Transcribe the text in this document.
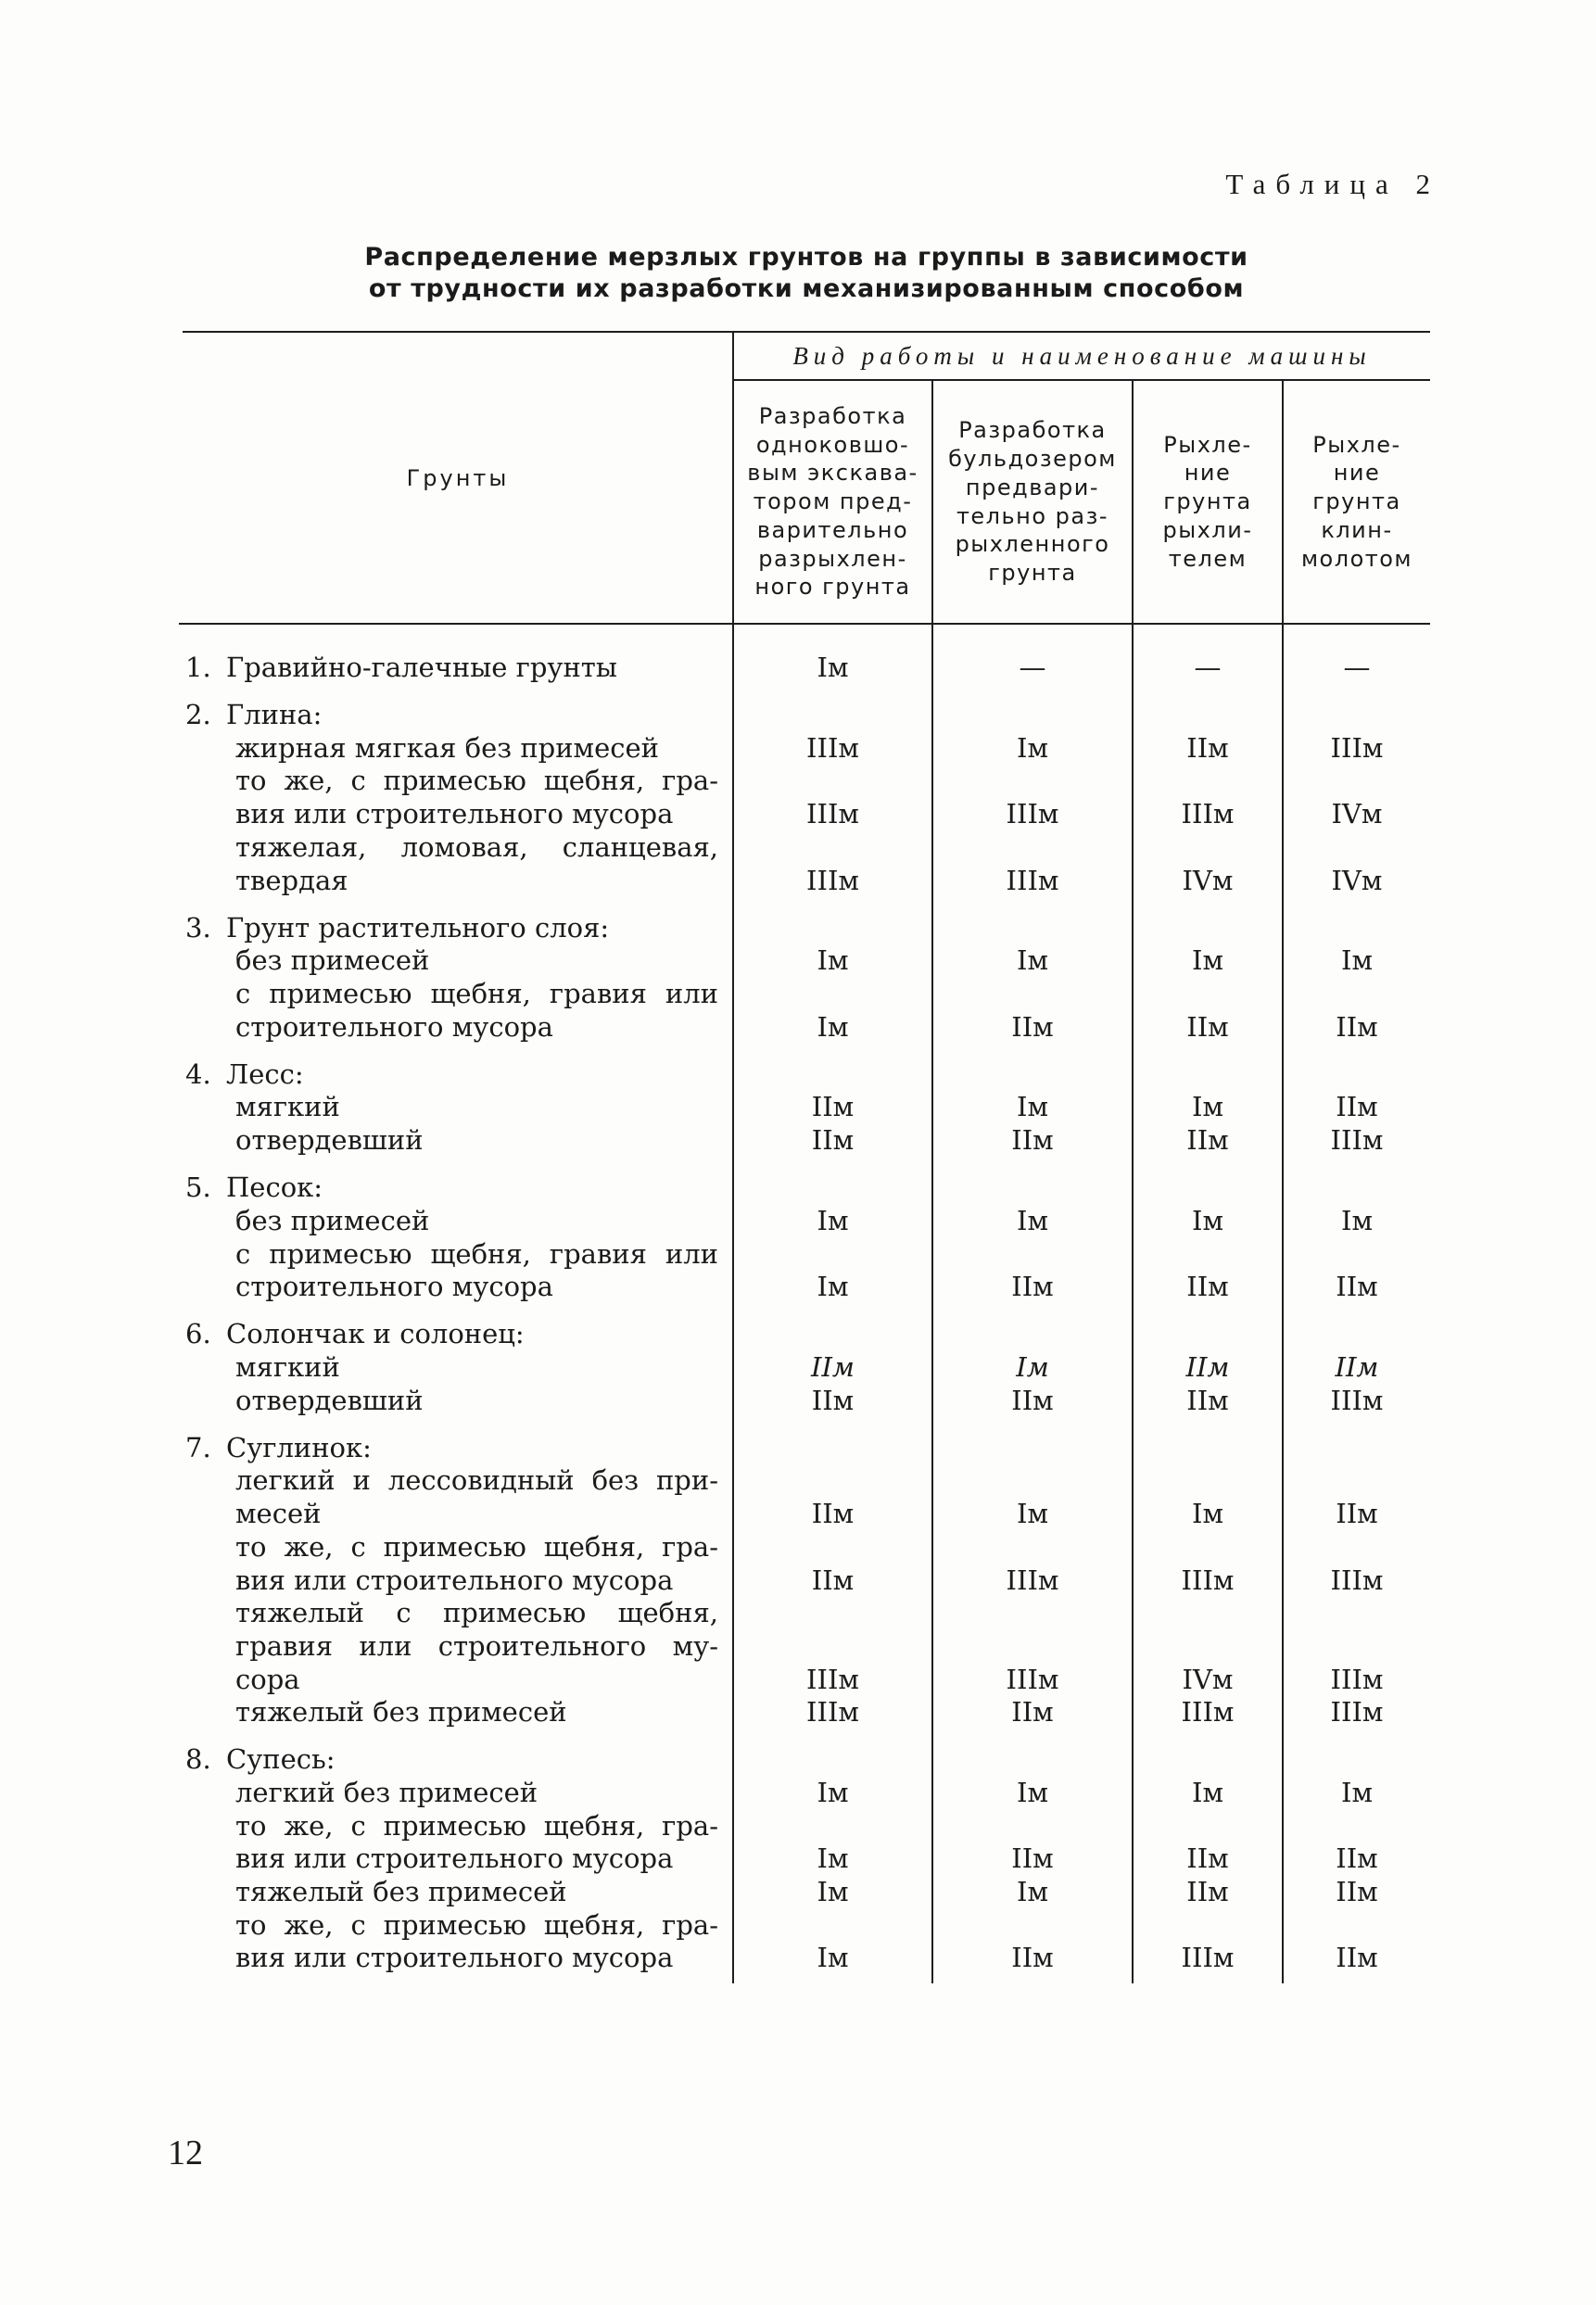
Таблица 2
Распределение мерзлых грунтов на группы в зависимости
от трудности их разработки механизированным способом
Грунты
Вид работы и наименование машины
Разработка
одноковшо-
вым экскава-
тором пред-
варительно
разрыхлен-
ного грунта
Разработка
бульдозером
предвари-
тельно раз-
рыхленного
грунта
Рыхле-
ние
грунта
рыхли-
телем
Рыхле-
ние
грунта
клин-
молотом
1. Гравийно-галечные грунты	Iм	—	—	—
2. Глина:
жирная мягкая без примесей	IIIм	Iм	IIм	IIIм
то же, с примесью щебня, гра-
вия или строительного мусора	IIIм	IIIм	IIIм	IVм
тяжелая, ломовая, сланцевая,
твердая	IIIм	IIIм	IVм	IVм
3. Грунт растительного слоя:
без примесей	Iм	Iм	Iм	Iм
с примесью щебня, гравия или
строительного мусора	Iм	IIм	IIм	IIм
4. Лесс:
мягкий	IIм	Iм	Iм	IIм
отвердевший	IIм	IIм	IIм	IIIм
5. Песок:
без примесей	Iм	Iм	Iм	Iм
с примесью щебня, гравия или
строительного мусора	Iм	IIм	IIм	IIм
6. Солончак и солонец:
мягкий	IIм	Iм	IIм	IIм
отвердевший	IIм	IIм	IIм	IIIм
7. Суглинок:
легкий и лессовидный без при-
месей	IIм	Iм	Iм	IIм
то же, с примесью щебня, гра-
вия или строительного мусора	IIм	IIIм	IIIм	IIIм
тяжелый с примесью щебня,
гравия или строительного му-
сора	IIIм	IIIм	IVм	IIIм
тяжелый без примесей	IIIм	IIм	IIIм	IIIм
8. Супесь:
легкий без примесей	Iм	Iм	Iм	Iм
то же, с примесью щебня, гра-
вия или строительного мусора	Iм	IIм	IIм	IIм
тяжелый без примесей	Iм	Iм	IIм	IIм
то же, с примесью щебня, гра-
вия или строительного мусора	Iм	IIм	IIIм	IIм
12
